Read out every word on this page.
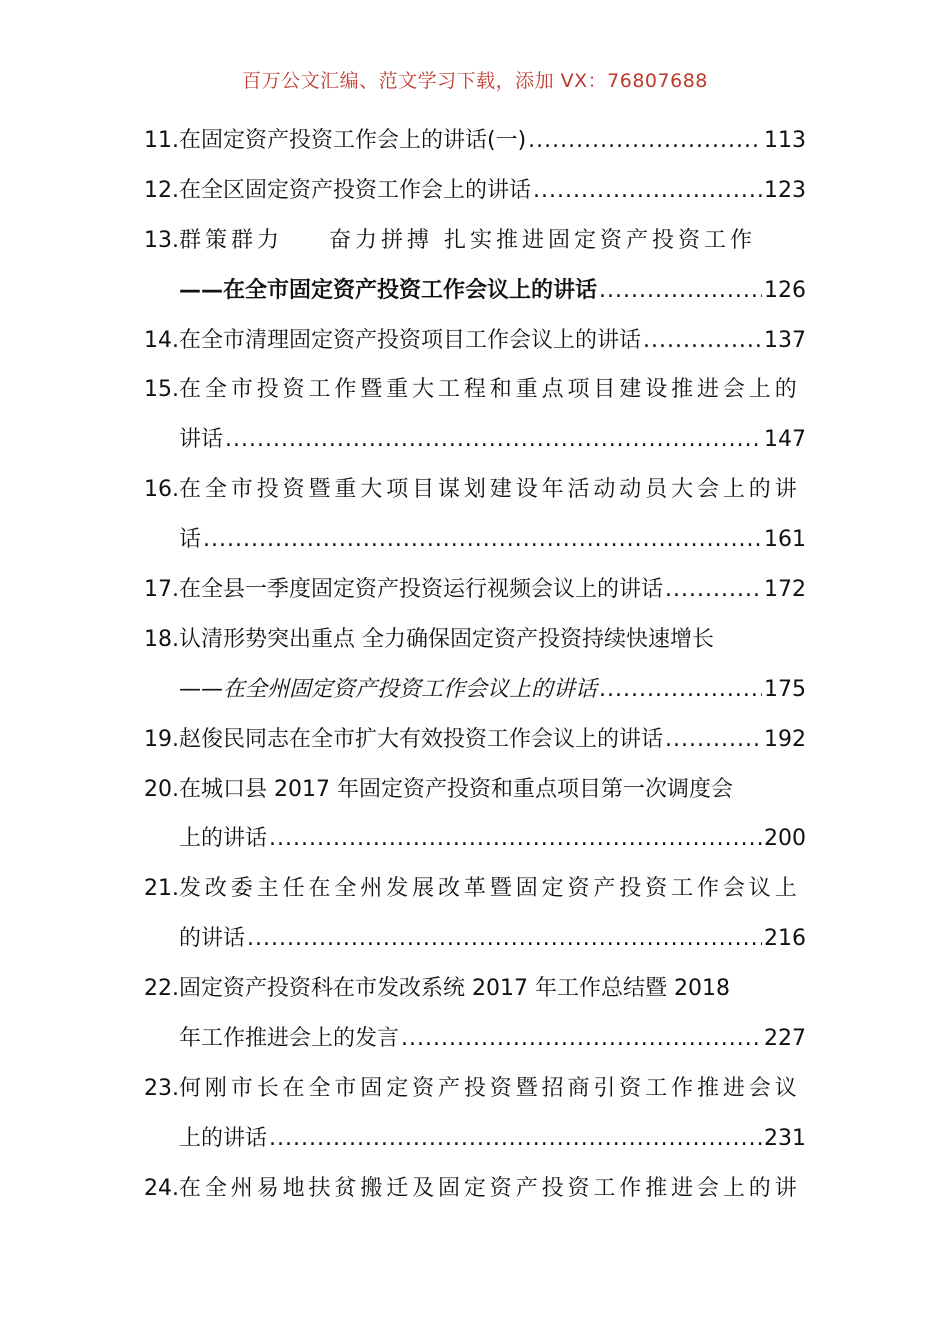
百万公文汇编、范文学习下载，添加 VX：76807688
11.在固定资产投资工作会上的讲话(一) .....	113
12.在全区固定资产投资工作会上的讲话 .....	123
13.群策群力 奋力拼搏 扎实推进固定资产投资工作
——在全市固定资产投资工作会议上的讲话 .....	126
14.在全市清理固定资产投资项目工作会议上的讲话 .....	137
15.在全市投资工作暨重大工程和重点项目建设推进会上的
讲话 .....	147
16.在全市投资暨重大项目谋划建设年活动动员大会上的讲
话 .....	161
17.在全县一季度固定资产投资运行视频会议上的讲话 .....	172
18.认清形势突出重点 全力确保固定资产投资持续快速增长
——在全州固定资产投资工作会议上的讲话 .....	175
19.赵俊民同志在全市扩大有效投资工作会议上的讲话 .....	192
20.在城口县 2017 年固定资产投资和重点项目第一次调度会
上的讲话 .....	200
21.发改委主任在全州发展改革暨固定资产投资工作会议上
的讲话 .....	216
22.固定资产投资科在市发改系统 2017 年工作总结暨 2018
年工作推进会上的发言 .....	227
23.何刚市长在全市固定资产投资暨招商引资工作推进会议
上的讲话 .....	231
24.在全州易地扶贫搬迁及固定资产投资工作推进会上的讲
